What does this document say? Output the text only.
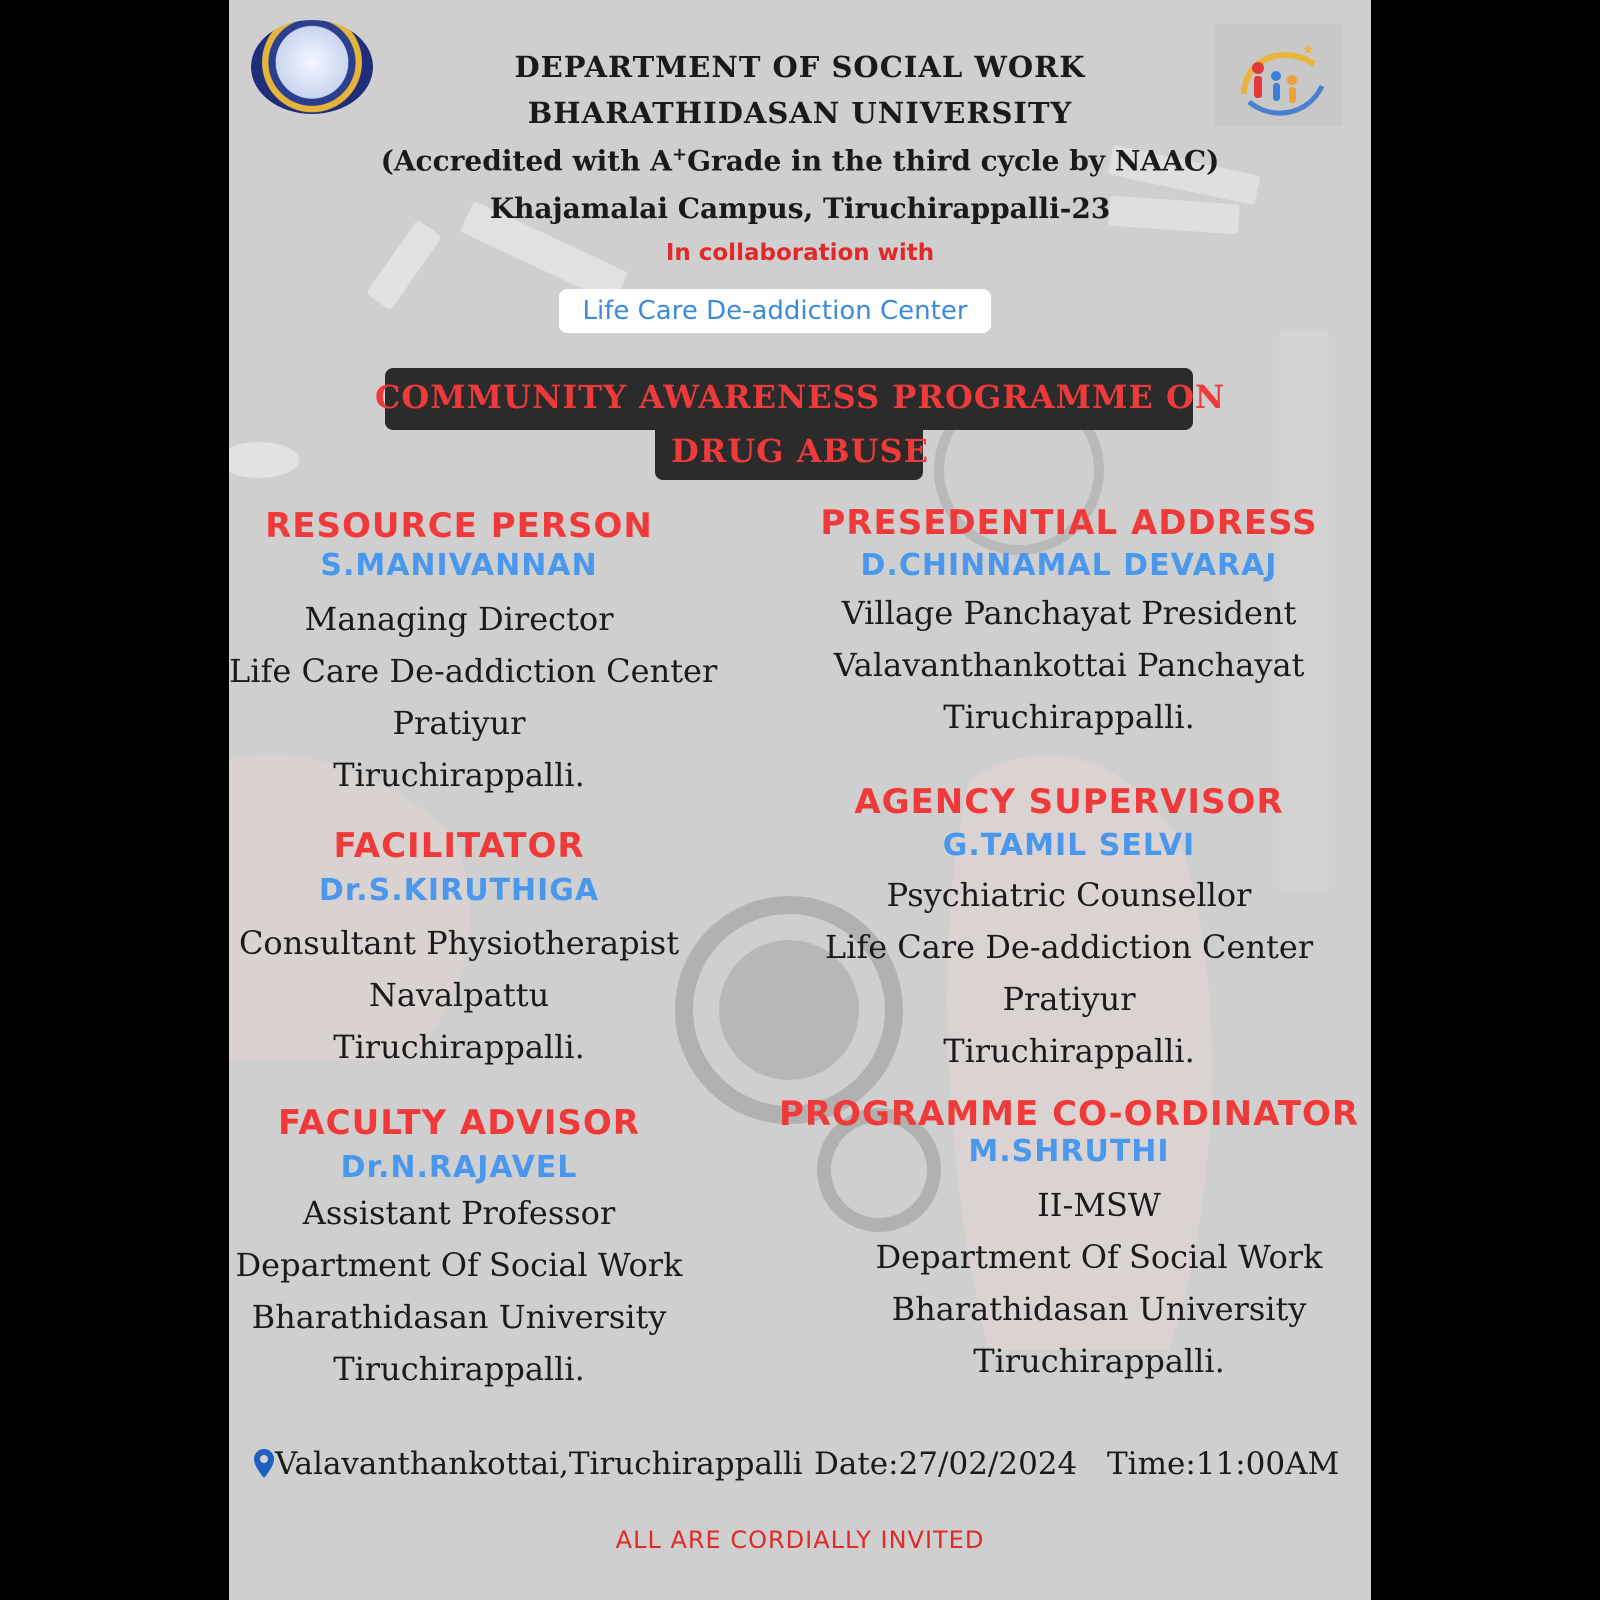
★
DEPARTMENT OF SOCIAL WORK
BHARATHIDASAN UNIVERSITY
(Accredited with A+Grade in the third cycle by NAAC)
Khajamalai Campus, Tiruchirappalli-23
In collaboration with
Life Care De-addiction Center
COMMUNITY AWARENESS PROGRAMME ON
DRUG ABUSE
RESOURCE PERSON
S.MANIVANNAN
Managing Director
Life Care De-addiction Center
Pratiyur
Tiruchirappalli.
FACILITATOR
Dr.S.KIRUTHIGA
Consultant Physiotherapist
Navalpattu
Tiruchirappalli.
FACULTY ADVISOR
Dr.N.RAJAVEL
Assistant Professor
Department Of Social Work
Bharathidasan University
Tiruchirappalli.
PRESEDENTIAL ADDRESS
D.CHINNAMAL DEVARAJ
Village Panchayat President
Valavanthankottai Panchayat
Tiruchirappalli.
AGENCY SUPERVISOR
G.TAMIL SELVI
Psychiatric Counsellor
Life Care De-addiction Center
Pratiyur
Tiruchirappalli.
PROGRAMME CO-ORDINATOR
M.SHRUTHI
II-MSW
Department Of Social Work
Bharathidasan University
Tiruchirappalli.
Valavanthankottai,Tiruchirappalli Date:27/02/2024 Time:11:00AM
ALL ARE CORDIALLY INVITED
